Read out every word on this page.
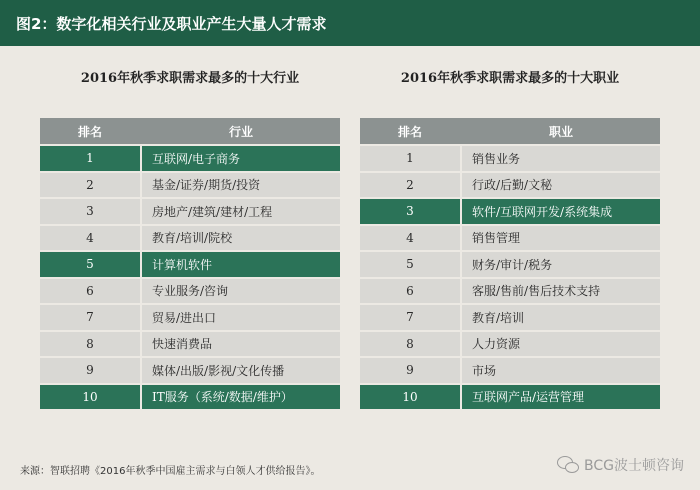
图2：数字化相关行业及职业产生大量人才需求
2016年秋季求职需求最多的十大行业
排名	行业
1	互联网/电子商务
2	基金/证券/期货/投资
3	房地产/建筑/建材/工程
4	教育/培训/院校
5	计算机软件
6	专业服务/咨询
7	贸易/进出口
8	快速消费品
9	媒体/出版/影视/文化传播
10	IT服务（系统/数据/维护）
2016年秋季求职需求最多的十大职业
排名	职业
1	销售业务
2	行政/后勤/文秘
3	软件/互联网开发/系统集成
4	销售管理
5	财务/审计/税务
6	客服/售前/售后技术支持
7	教育/培训
8	人力资源
9	市场
10	互联网产品/运营管理
来源：智联招聘《2016年秋季中国雇主需求与白领人才供给报告》。	BCG波士顿咨询
